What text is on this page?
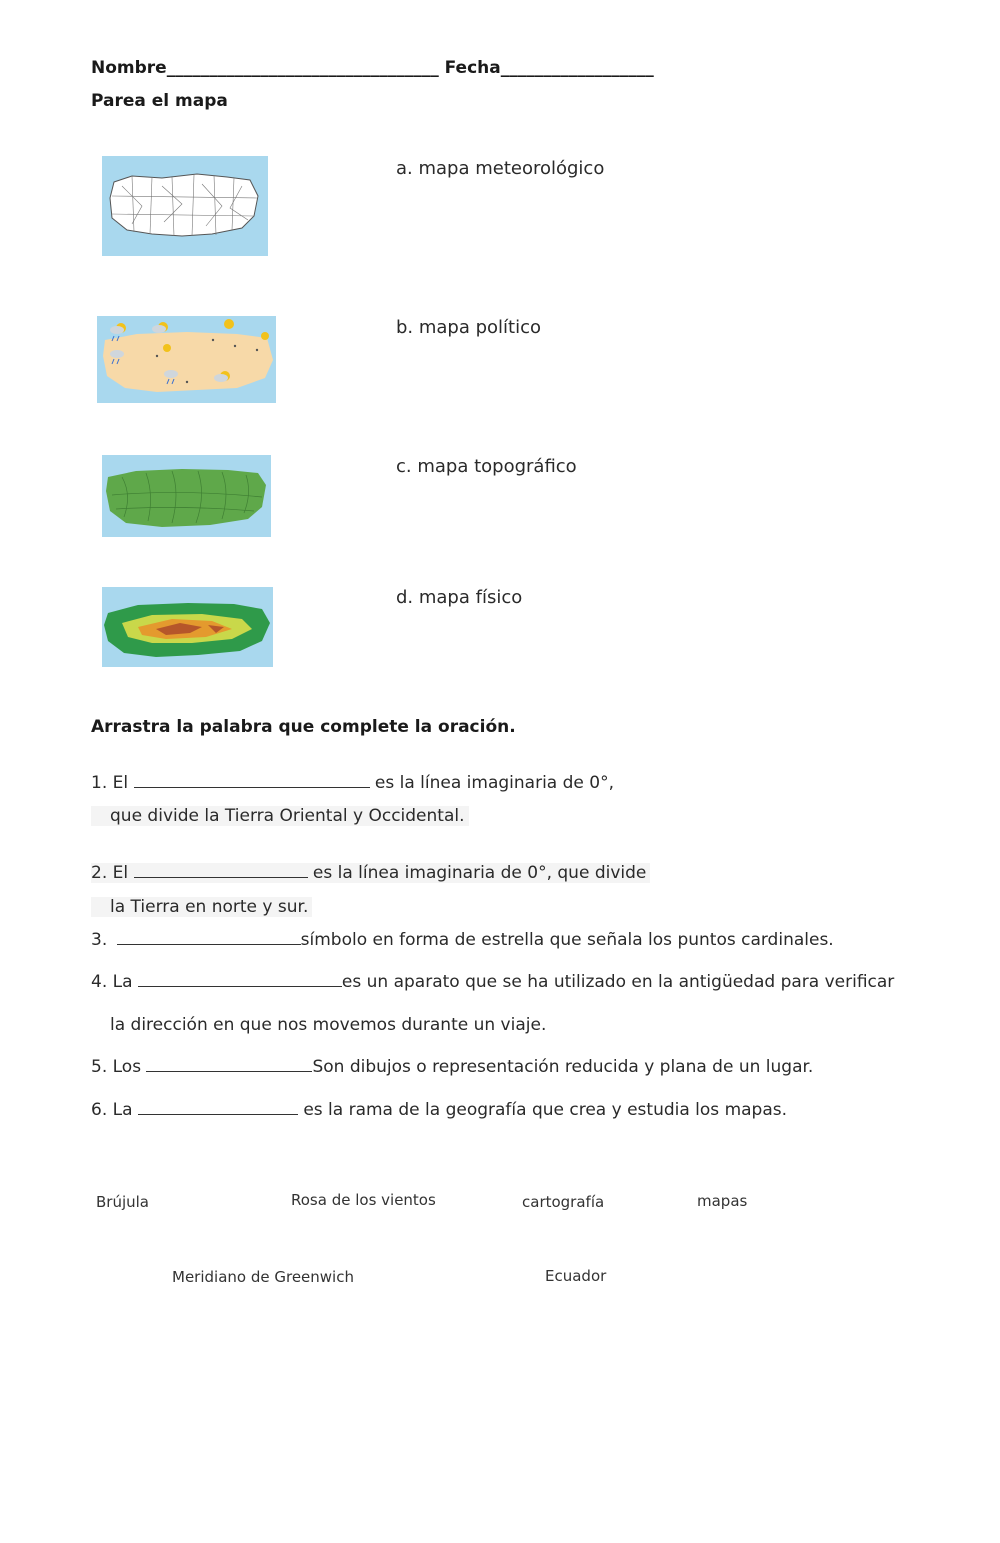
Nombre________________________________ Fecha__________________
Parea el mapa
a. mapa meteorológico
b. mapa político
c. mapa topográfico
d. mapa físico
Arrastra la palabra que complete la oración.
1. El	es la línea imaginaria de 0°,
que divide la Tierra Oriental y Occidental.
2. El	es la línea imaginaria de 0°, que divide
la Tierra en norte y sur.
3.	símbolo en forma de estrella que señala los puntos cardinales.
4. La	es un aparato que se ha utilizado en la antigüedad para verificar
la dirección en que nos movemos durante un viaje.
5. Los	Son dibujos o representación reducida y plana de un lugar.
6. La	es la rama de la geografía que crea y estudia los mapas.
Brújula	Rosa de los vientos	cartografía	mapas
Meridiano de Greenwich	Ecuador
